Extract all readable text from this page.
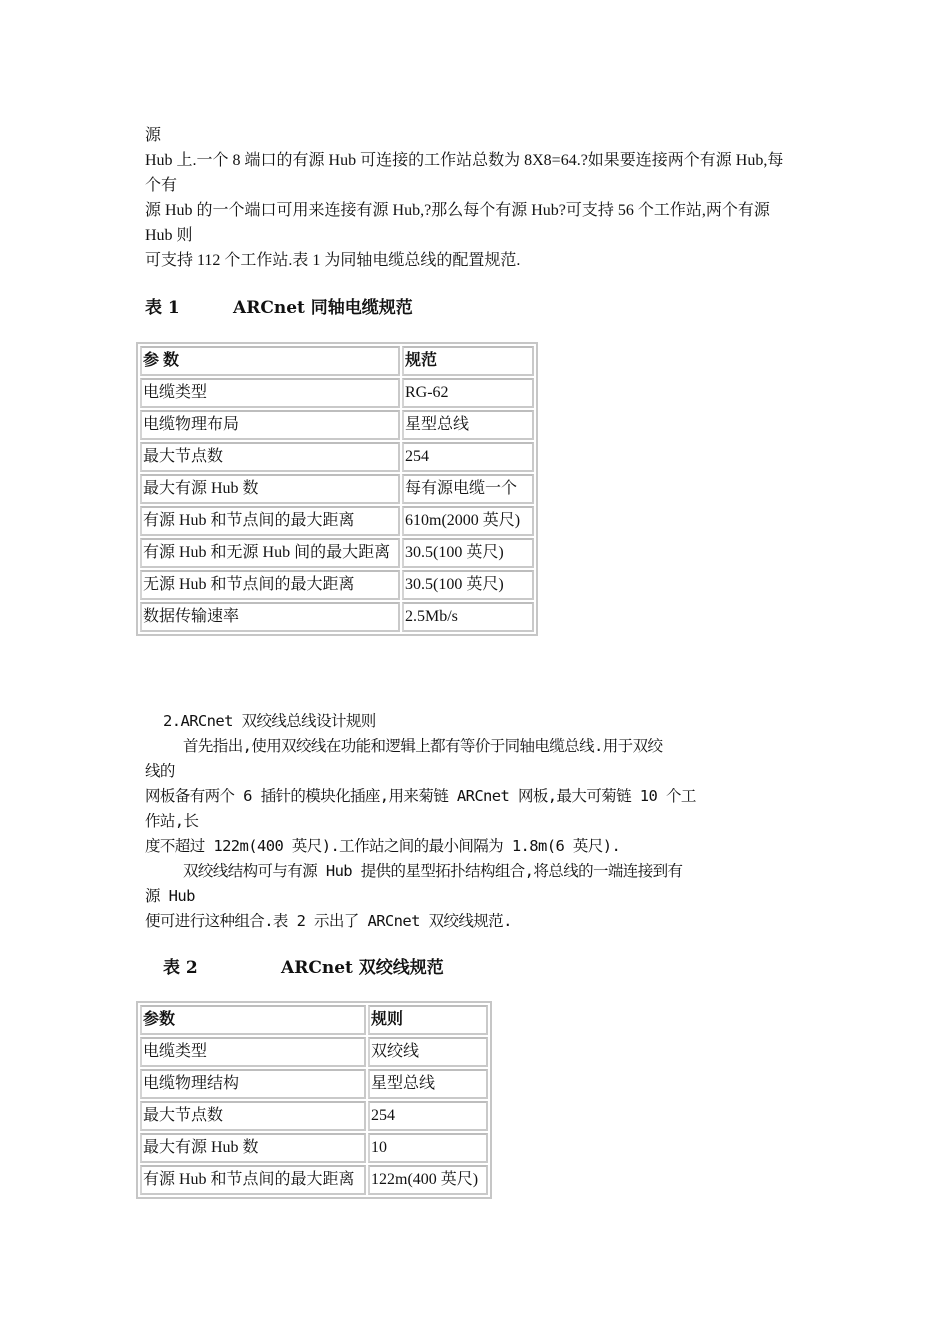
源
Hub 上.一个 8 端口的有源 Hub 可连接的工作站总数为 8X8=64.?如果要连接两个有源 Hub,每
个有
源 Hub 的一个端口可用来连接有源 Hub,?那么每个有源 Hub?可支持 56 个工作站,两个有源
Hub 则
可支持 112 个工作站.表 1 为同轴电缆总线的配置规范.
表 1	ARCnet 同轴电缆规范
参 数	规范
电缆类型	RG-62
电缆物理布局	星型总线
最大节点数	254
最大有源 Hub 数	每有源电缆一个
有源 Hub 和节点间的最大距离	610m(2000 英尺)
有源 Hub 和无源 Hub 间的最大距离	30.5(100 英尺)
无源 Hub 和节点间的最大距离	30.5(100 英尺)
数据传输速率	2.5Mb/s
2.ARCnet 双绞线总线设计规则
首先指出,使用双绞线在功能和逻辑上都有等价于同轴电缆总线.用于双绞
线的
网板备有两个 6 插针的模块化插座,用来菊链 ARCnet 网板,最大可菊链 10 个工
作站,长
度不超过 122m(400 英尺).工作站之间的最小间隔为 1.8m(6 英尺).
双绞线结构可与有源 Hub 提供的星型拓扑结构组合,将总线的一端连接到有
源 Hub
便可进行这种组合.表 2 示出了 ARCnet 双绞线规范.
表 2	ARCnet 双绞线规范
参数	规则
电缆类型	双绞线
电缆物理结构	星型总线
最大节点数	254
最大有源 Hub 数	10
有源 Hub 和节点间的最大距离	122m(400 英尺)
